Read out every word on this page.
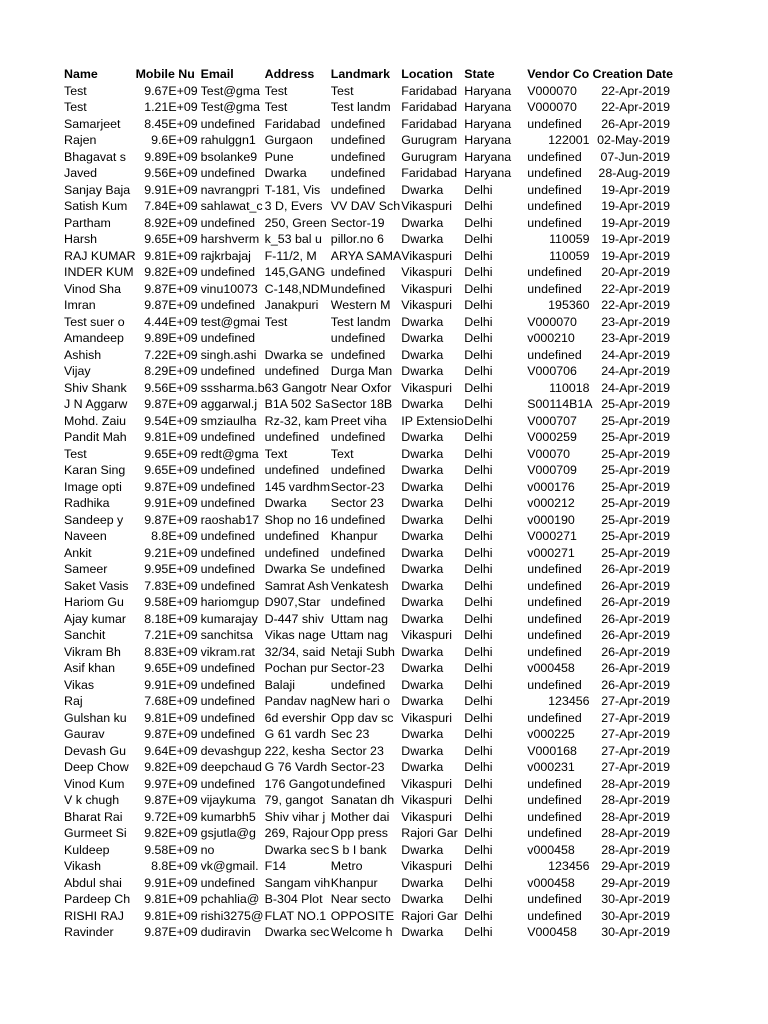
Name	Mobile Nu	Email	Address	Landmark	Location	State	Vendor Co	Creation Date
Test	9.67E+09	Test@gma	Test	Test	Faridabad	Haryana	V000070	22-Apr-2019
Test	1.21E+09	Test@gma	Test	Test landm	Faridabad	Haryana	V000070	22-Apr-2019
Samarjeet	8.45E+09	undefined	Faridabad	undefined	Faridabad	Haryana	undefined	26-Apr-2019
Rajen	9.6E+09	rahulggn1	Gurgaon	undefined	Gurugram	Haryana	122001	02-May-2019
Bhagavat s	9.89E+09	bsolanke9	Pune	undefined	Gurugram	Haryana	undefined	07-Jun-2019
Javed	9.56E+09	undefined	Dwarka	undefined	Faridabad	Haryana	undefined	28-Aug-2019
Sanjay Baja	9.91E+09	navrangpri	T-181, Vis	undefined	Dwarka	Delhi	undefined	19-Apr-2019
Satish Kum	7.84E+09	sahlawat_c	3 D, Evers	VV DAV Sch	Vikaspuri	Delhi	undefined	19-Apr-2019
Partham	8.92E+09	undefined	250, Green	Sector-19	Dwarka	Delhi	undefined	19-Apr-2019
Harsh	9.65E+09	harshverm	k_53 bal u	pillor.no 6	Dwarka	Delhi	110059	19-Apr-2019
RAJ KUMAR	9.81E+09	rajkrbajaj	F-11/2, M	ARYA SAMA	Vikaspuri	Delhi	110059	19-Apr-2019
INDER KUM	9.82E+09	undefined	145,GANG	undefined	Vikaspuri	Delhi	undefined	20-Apr-2019
Vinod Sha	9.87E+09	vinu10073	C-148,NDM	undefined	Vikaspuri	Delhi	undefined	22-Apr-2019
Imran	9.87E+09	undefined	Janakpuri	Western M	Vikaspuri	Delhi	195360	22-Apr-2019
Test suer o	4.44E+09	test@gmai	Test	Test landm	Dwarka	Delhi	V000070	23-Apr-2019
Amandeep	9.89E+09	undefined		undefined	Dwarka	Delhi	v000210	23-Apr-2019
Ashish	7.22E+09	singh.ashi	Dwarka se	undefined	Dwarka	Delhi	undefined	24-Apr-2019
Vijay	8.29E+09	undefined	undefined	Durga Man	Dwarka	Delhi	V000706	24-Apr-2019
Shiv Shank	9.56E+09	sssharma.b	63 Gangotr	Near Oxfor	Vikaspuri	Delhi	110018	24-Apr-2019
J N Aggarw	9.87E+09	aggarwal.j	B1A 502 Sa	Sector 18B	Dwarka	Delhi	S00114B1A	25-Apr-2019
Mohd. Zaiu	9.54E+09	smziaulha	Rz-32, kam	Preet viha	IP Extensio	Delhi	V000707	25-Apr-2019
Pandit Mah	9.81E+09	undefined	undefined	undefined	Dwarka	Delhi	V000259	25-Apr-2019
Test	9.65E+09	redt@gma	Text	Text	Dwarka	Delhi	V00070	25-Apr-2019
Karan Sing	9.65E+09	undefined	undefined	undefined	Dwarka	Delhi	V000709	25-Apr-2019
Image opti	9.87E+09	undefined	145 vardhm	Sector-23	Dwarka	Delhi	v000176	25-Apr-2019
Radhika	9.91E+09	undefined	Dwarka	Sector 23	Dwarka	Delhi	v000212	25-Apr-2019
Sandeep y	9.87E+09	raoshab17	Shop no 16	undefined	Dwarka	Delhi	v000190	25-Apr-2019
Naveen	8.8E+09	undefined	undefined	Khanpur	Dwarka	Delhi	V000271	25-Apr-2019
Ankit	9.21E+09	undefined	undefined	undefined	Dwarka	Delhi	v000271	25-Apr-2019
Sameer	9.95E+09	undefined	Dwarka Se	undefined	Dwarka	Delhi	undefined	26-Apr-2019
Saket Vasis	7.83E+09	undefined	Samrat Ash	Venkatesh	Dwarka	Delhi	undefined	26-Apr-2019
Hariom Gu	9.58E+09	hariomgup	D907,Star	undefined	Dwarka	Delhi	undefined	26-Apr-2019
Ajay kumar	8.18E+09	kumarajay	D-447 shiv	Uttam nag	Dwarka	Delhi	undefined	26-Apr-2019
Sanchit	7.21E+09	sanchitsa	Vikas nage	Uttam nag	Vikaspuri	Delhi	undefined	26-Apr-2019
Vikram Bh	8.83E+09	vikram.rat	32/34, said	Netaji Subh	Dwarka	Delhi	undefined	26-Apr-2019
Asif khan	9.65E+09	undefined	Pochan pur	Sector-23	Dwarka	Delhi	v000458	26-Apr-2019
Vikas	9.91E+09	undefined	Balaji	undefined	Dwarka	Delhi	undefined	26-Apr-2019
Raj	7.68E+09	undefined	Pandav nag	New hari o	Dwarka	Delhi	123456	27-Apr-2019
Gulshan ku	9.81E+09	undefined	6d evershir	Opp dav sc	Vikaspuri	Delhi	undefined	27-Apr-2019
Gaurav	9.87E+09	undefined	G 61 vardh	Sec 23	Dwarka	Delhi	v000225	27-Apr-2019
Devash Gu	9.64E+09	devashgup	222, kesha	Sector 23	Dwarka	Delhi	V000168	27-Apr-2019
Deep Chow	9.82E+09	deepchaud	G 76 Vardh	Sector-23	Dwarka	Delhi	v000231	27-Apr-2019
Vinod Kum	9.97E+09	undefined	176 Gangot	undefined	Vikaspuri	Delhi	undefined	28-Apr-2019
V k chugh	9.87E+09	vijaykuma	79, gangot	Sanatan dh	Vikaspuri	Delhi	undefined	28-Apr-2019
Bharat Rai	9.72E+09	kumarbh5	Shiv vihar j	Mother dai	Vikaspuri	Delhi	undefined	28-Apr-2019
Gurmeet Si	9.82E+09	gsjutla@g	269, Rajour	Opp press	Rajori Gar	Delhi	undefined	28-Apr-2019
Kuldeep	9.58E+09	no	Dwarka sec	S b I bank	Dwarka	Delhi	v000458	28-Apr-2019
Vikash	8.8E+09	vk@gmail.	F14	Metro	Vikaspuri	Delhi	123456	29-Apr-2019
Abdul shai	9.91E+09	undefined	Sangam vih	Khanpur	Dwarka	Delhi	v000458	29-Apr-2019
Pardeep Ch	9.81E+09	pchahlia@	B-304 Plot	Near secto	Dwarka	Delhi	undefined	30-Apr-2019
RISHI RAJ	9.81E+09	rishi3275@	FLAT NO.1	OPPOSITE	Rajori Gar	Delhi	undefined	30-Apr-2019
Ravinder	9.87E+09	dudiravin	Dwarka sec	Welcome h	Dwarka	Delhi	V000458	30-Apr-2019
